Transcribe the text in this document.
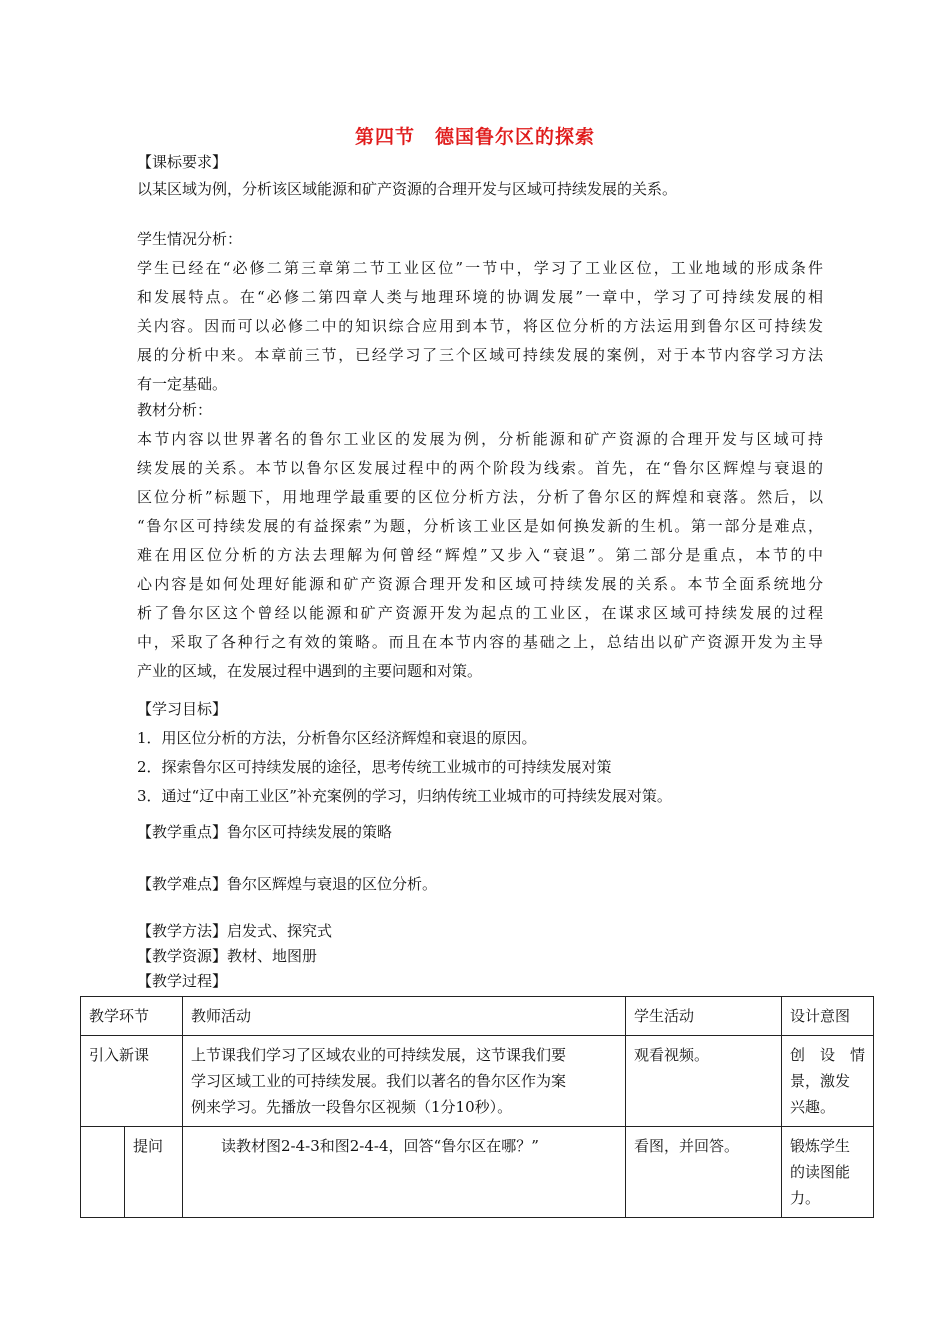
第四节　德国鲁尔区的探索
【课标要求】
以某区域为例，分析该区域能源和矿产资源的合理开发与区域可持续发展的关系。
学生情况分析：
学生已经在“必修二第三章第二节工业区位”一节中，学习了工业区位，工业地域的形成条件
和发展特点。在“必修二第四章人类与地理环境的协调发展”一章中，学习了可持续发展的相
关内容。因而可以必修二中的知识综合应用到本节，将区位分析的方法运用到鲁尔区可持续发
展的分析中来。本章前三节，已经学习了三个区域可持续发展的案例，对于本节内容学习方法
有一定基础。
教材分析：
本节内容以世界著名的鲁尔工业区的发展为例，分析能源和矿产资源的合理开发与区域可持
续发展的关系。本节以鲁尔区发展过程中的两个阶段为线索。首先，在“鲁尔区辉煌与衰退的
区位分析”标题下，用地理学最重要的区位分析方法，分析了鲁尔区的辉煌和衰落。然后，以
“鲁尔区可持续发展的有益探索”为题，分析该工业区是如何换发新的生机。第一部分是难点，
难在用区位分析的方法去理解为何曾经“辉煌”又步入“衰退”。第二部分是重点，本节的中
心内容是如何处理好能源和矿产资源合理开发和区域可持续发展的关系。本节全面系统地分
析了鲁尔区这个曾经以能源和矿产资源开发为起点的工业区，在谋求区域可持续发展的过程
中，采取了各种行之有效的策略。而且在本节内容的基础之上，总结出以矿产资源开发为主导
产业的区域，在发展过程中遇到的主要问题和对策。
【学习目标】
1．用区位分析的方法，分析鲁尔区经济辉煌和衰退的原因。
2．探索鲁尔区可持续发展的途径，思考传统工业城市的可持续发展对策
3．通过“辽中南工业区”补充案例的学习，归纳传统工业城市的可持续发展对策。
【教学重点】鲁尔区可持续发展的策略
【教学难点】鲁尔区辉煌与衰退的区位分析。
【教学方法】启发式、探究式
【教学资源】教材、地图册
【教学过程】
教学环节		教师活动	学生活动	设计意图
引入新课		上节课我们学习了区域农业的可持续发展，这节课我们要
学习区域工业的可持续发展。我们以著名的鲁尔区作为案
例来学习。先播放一段鲁尔区视频（1分10秒）。	观看视频。	创　设　情
景，激发
兴趣。

	提问	　　读教材图2-4-3和图2-4-4，回答“鲁尔区在哪？”	看图，并回答。	锻炼学生
的读图能
力。
